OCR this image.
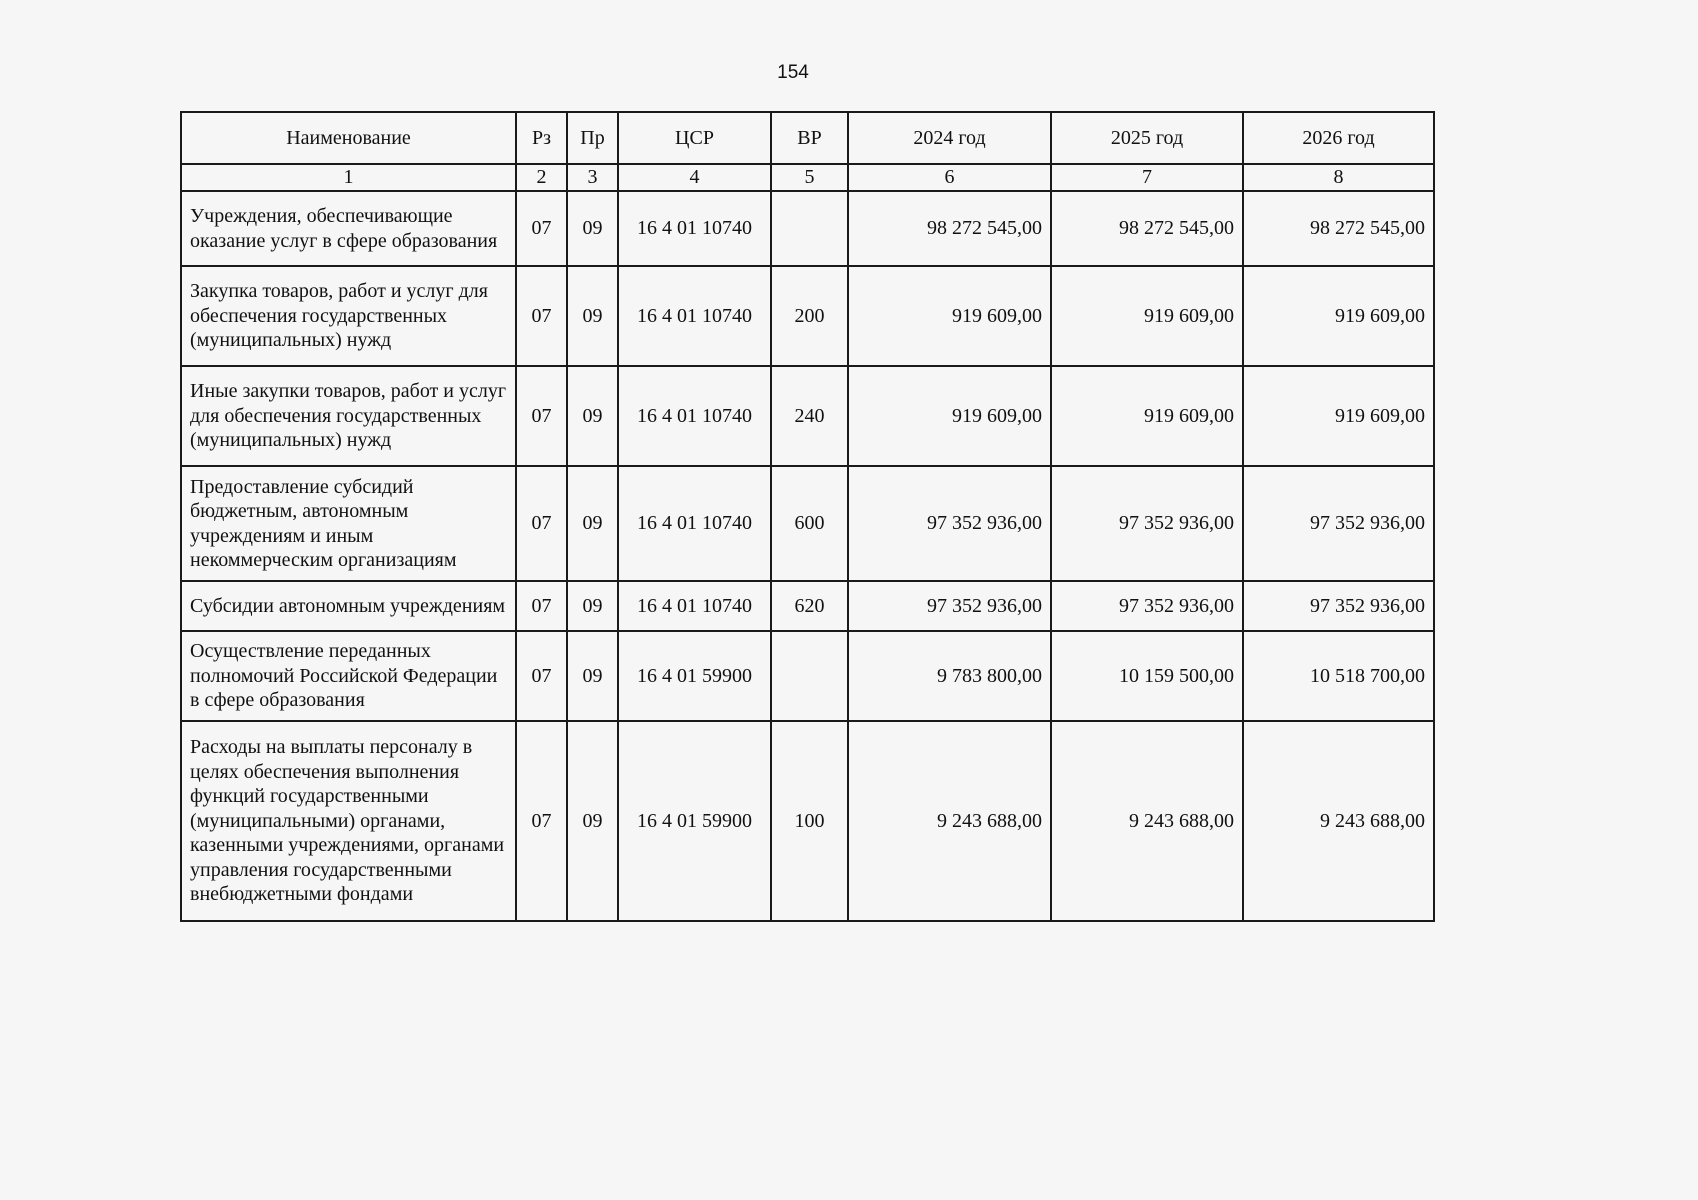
154
Наименование	Рз	Пр	ЦСР	ВР	2024 год	2025 год	2026 год
1	2	3	4	5	6	7	8
Учреждения, обеспечивающие оказание услуг в сфере образования	07	09	16 4 01 10740		98 272 545,00	98 272 545,00	98 272 545,00
Закупка товаров, работ и услуг для обеспечения государственных (муниципальных) нужд	07	09	16 4 01 10740	200	919 609,00	919 609,00	919 609,00
Иные закупки товаров, работ и услуг для обеспечения государственных (муниципальных) нужд	07	09	16 4 01 10740	240	919 609,00	919 609,00	919 609,00
Предоставление субсидий бюджетным, автономным учреждениям и иным некоммерческим организациям	07	09	16 4 01 10740	600	97 352 936,00	97 352 936,00	97 352 936,00
Субсидии автономным учреждениям	07	09	16 4 01 10740	620	97 352 936,00	97 352 936,00	97 352 936,00
Осуществление переданных полномочий Российской Федерации в сфере образования	07	09	16 4 01 59900		9 783 800,00	10 159 500,00	10 518 700,00
Расходы на выплаты персоналу в целях обеспечения выполнения функций государственными (муниципальными) органами, казенными учреждениями, органами управления государственными внебюджетными фондами	07	09	16 4 01 59900	100	9 243 688,00	9 243 688,00	9 243 688,00
